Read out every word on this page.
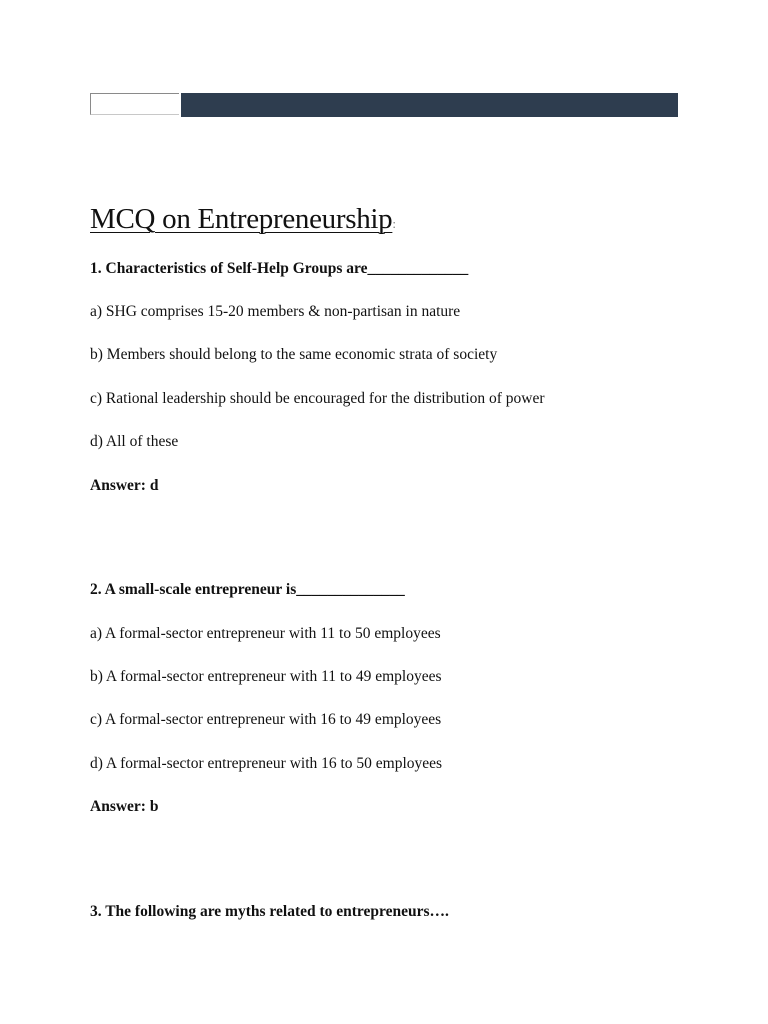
MCQ on Entrepreneurship:
1. Characteristics of Self-Help Groups are_____________
a) SHG comprises 15-20 members & non-partisan in nature
b) Members should belong to the same economic strata of society
c) Rational leadership should be encouraged for the distribution of power
d) All of these
Answer: d
2. A small-scale entrepreneur is______________
a) A formal-sector entrepreneur with 11 to 50 employees
b) A formal-sector entrepreneur with 11 to 49 employees
c) A formal-sector entrepreneur with 16 to 49 employees
d) A formal-sector entrepreneur with 16 to 50 employees
Answer: b
3. The following are myths related to entrepreneurs….
